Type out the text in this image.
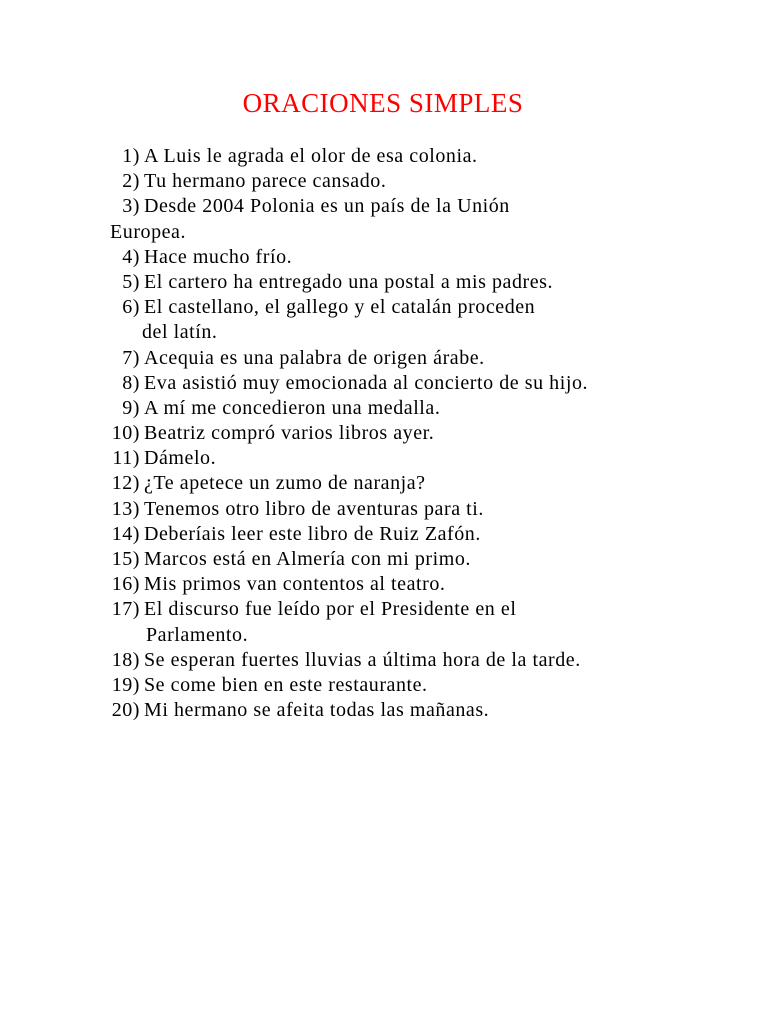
ORACIONES SIMPLES
1) A Luis le agrada el olor de esa colonia.
2) Tu hermano parece cansado.
3) Desde 2004 Polonia es un país de la Unión
Europea.
4) Hace mucho frío.
5) El cartero ha entregado una postal a mis padres.
6) El castellano, el gallego y el catalán proceden
del latín.
7) Acequia es una palabra de origen árabe.
8) Eva asistió muy emocionada al concierto de su hijo.
9) A mí me concedieron una medalla.
10) Beatriz compró varios libros ayer.
11) Dámelo.
12) ¿Te apetece un zumo de naranja?
13) Tenemos otro libro de aventuras para ti.
14) Deberíais leer este libro de Ruiz Zafón.
15) Marcos está en Almería con mi primo.
16) Mis primos van contentos al teatro.
17) El discurso fue leído por el Presidente en el
Parlamento.
18) Se esperan fuertes lluvias a última hora de la tarde.
19) Se come bien en este restaurante.
20) Mi hermano se afeita todas las mañanas.
